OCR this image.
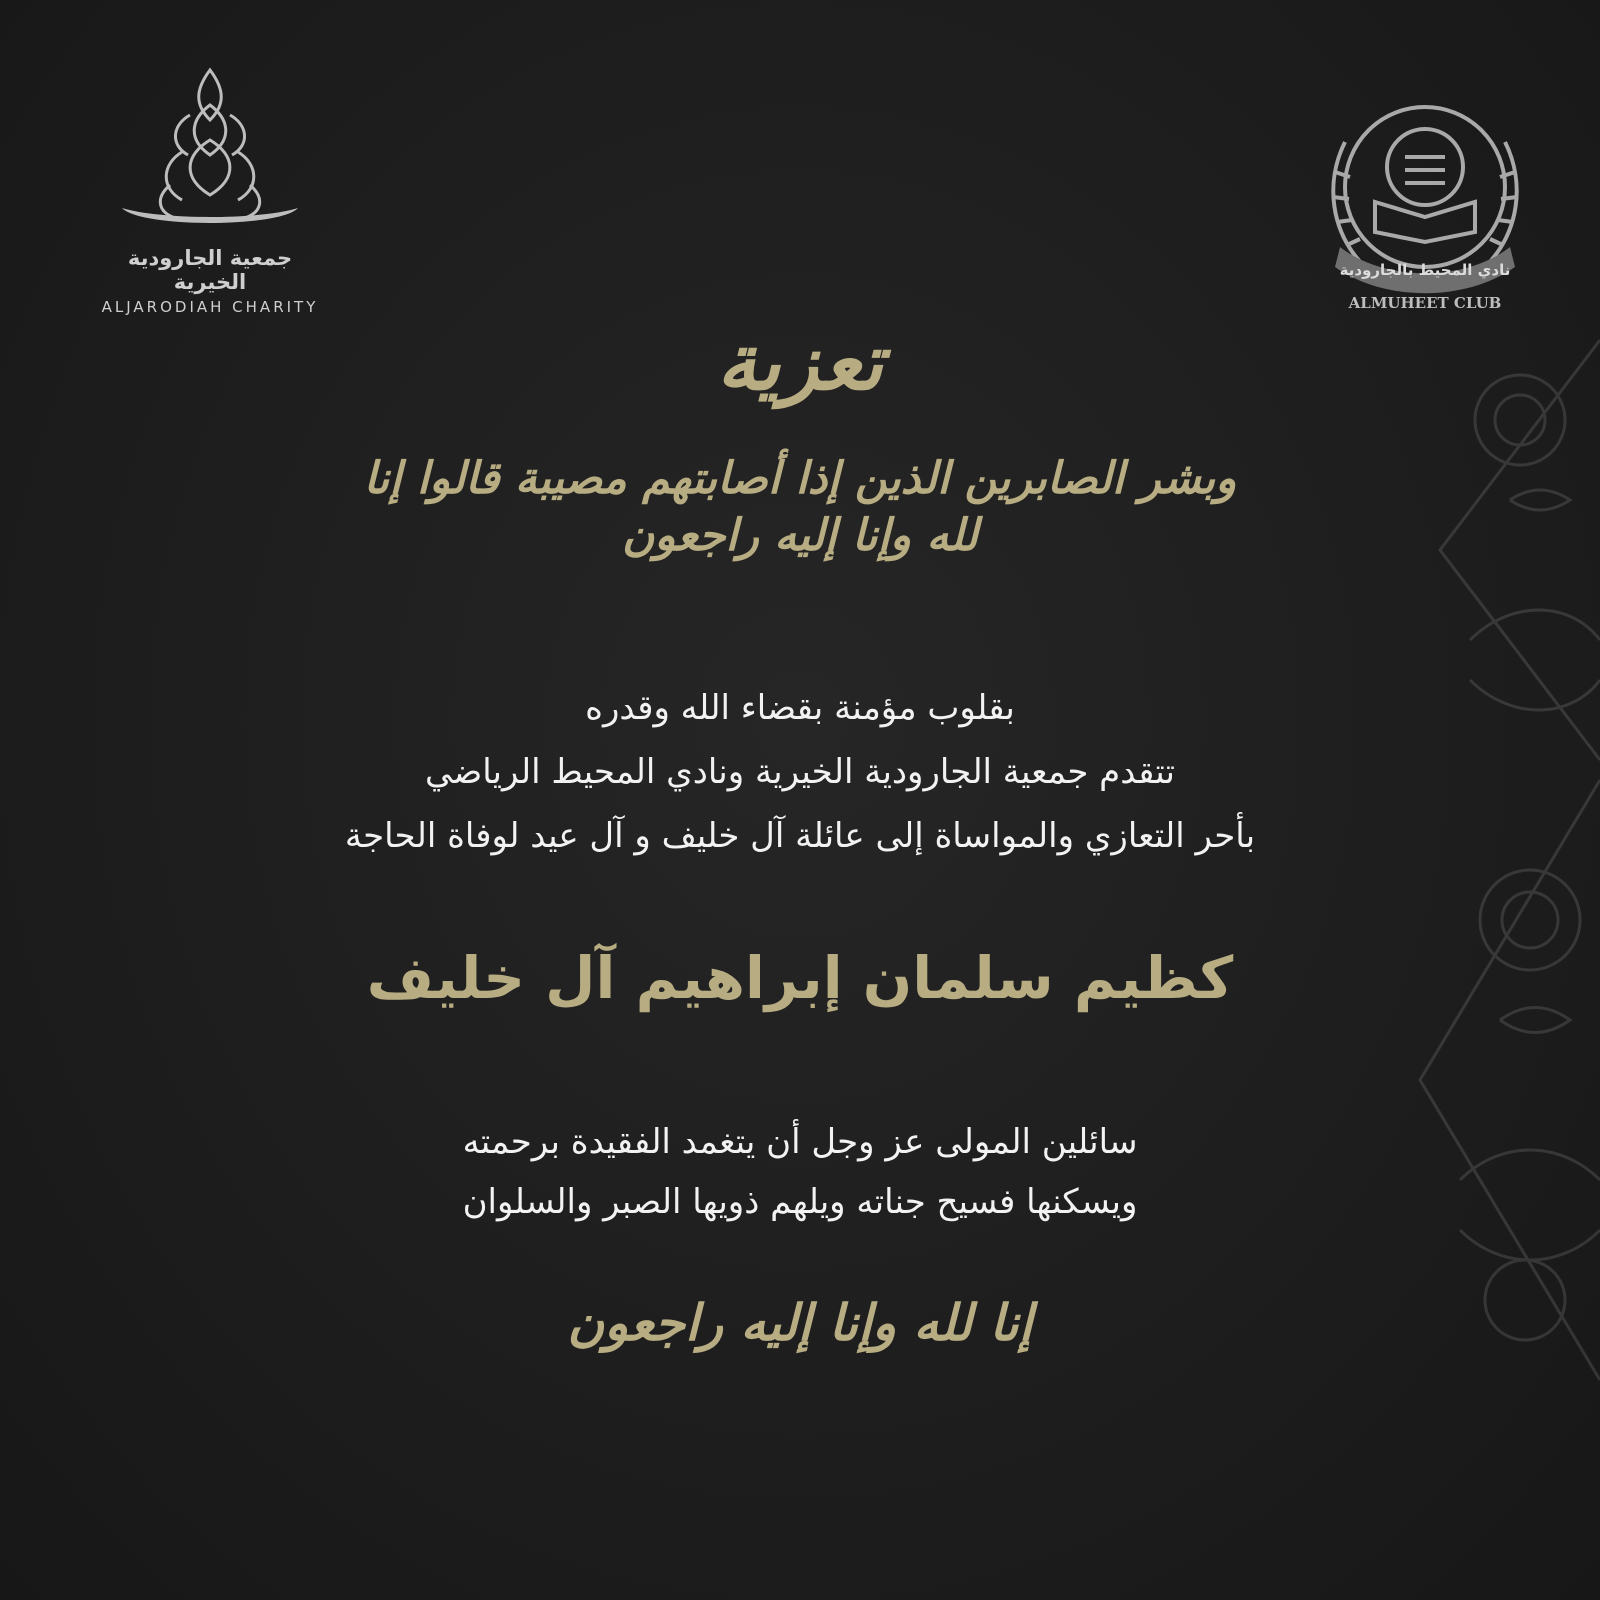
جمعية الجارودية الخيرية
ALJARODIAH CHARITY
نادي المحيط بالجارودية
ALMUHEET CLUB
تعزية
وبشر الصابرين الذين إذا أصابتهم مصيبة قالوا إنا لله وإنا إليه راجعون
بقلوب مؤمنة بقضاء الله وقدره
تتقدم جمعية الجارودية الخيرية ونادي المحيط الرياضي
بأحر التعازي والمواساة إلى عائلة آل خليف و آل عيد لوفاة الحاجة
كظيم سلمان إبراهيم آل خليف
سائلين المولى عز وجل أن يتغمد الفقيدة برحمته
ويسكنها فسيح جناته ويلهم ذويها الصبر والسلوان
إنا لله وإنا إليه راجعون
